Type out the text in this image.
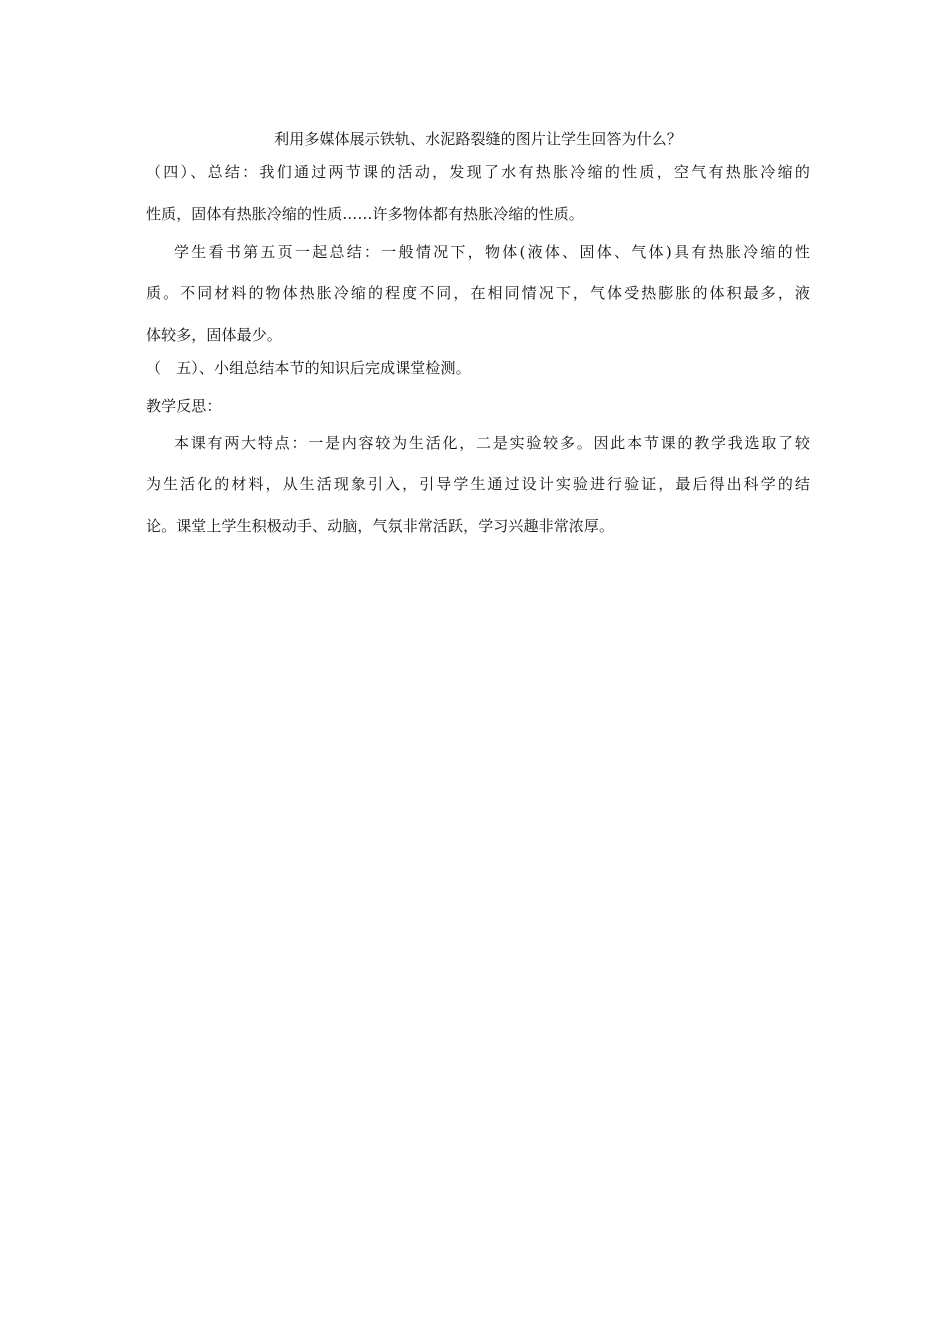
利用多媒体展示铁轨、水泥路裂缝的图片让学生回答为什么？
（四）、总结：我们通过两节课的活动，发现了水有热胀冷缩的性质，空气有热胀冷缩的
性质，固体有热胀冷缩的性质……许多物体都有热胀冷缩的性质。
学生看书第五页一起总结：一般情况下，物体(液体、固体、气体)具有热胀冷缩的性
质。不同材料的物体热胀冷缩的程度不同，在相同情况下，气体受热膨胀的体积最多，液
体较多，固体最少。
（　五）、小组总结本节的知识后完成课堂检测。
教学反思：
本课有两大特点：一是内容较为生活化，二是实验较多。因此本节课的教学我选取了较
为生活化的材料，从生活现象引入，引导学生通过设计实验进行验证，最后得出科学的结
论。课堂上学生积极动手、动脑，气氛非常活跃，学习兴趣非常浓厚。
